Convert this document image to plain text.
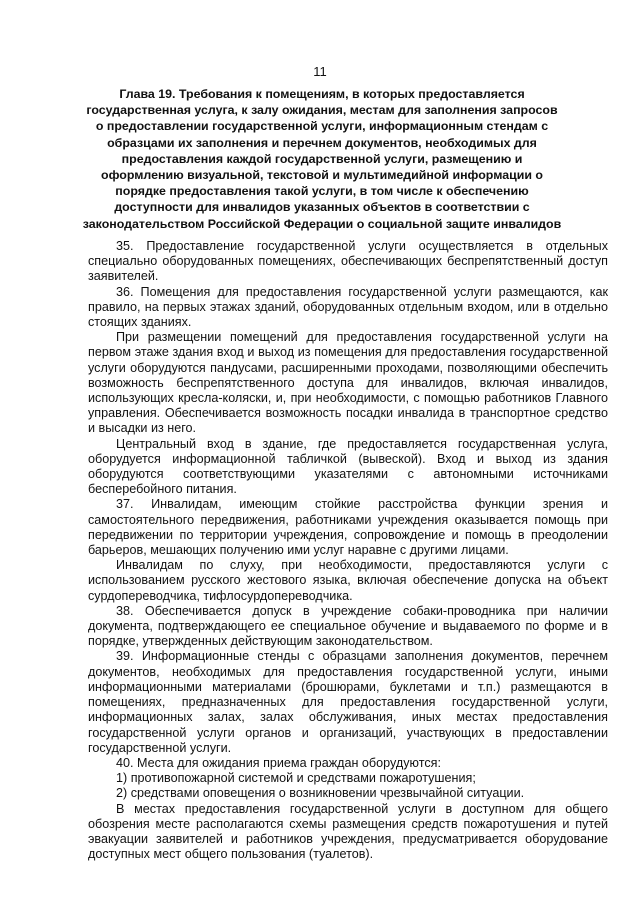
11
Глава 19. Требования к помещениям, в которых предоставляется государственная услуга, к залу ожидания, местам для заполнения запросов о предоставлении государственной услуги, информационным стендам с образцами их заполнения и перечнем документов, необходимых для предоставления каждой государственной услуги, размещению и оформлению визуальной, текстовой и мультимедийной информации о порядке предоставления такой услуги, в том числе к обеспечению доступности для инвалидов указанных объектов в соответствии с законодательством Российской Федерации о социальной защите инвалидов

35. Предоставление государственной услуги осуществляется в отдельных специально оборудованных помещениях, обеспечивающих беспрепятственный доступ заявителей.

36. Помещения для предоставления государственной услуги размещаются, как правило, на первых этажах зданий, оборудованных отдельным входом, или в отдельно стоящих зданиях.

При размещении помещений для предоставления государственной услуги на первом этаже здания вход и выход из помещения для предоставления государственной услуги оборудуются пандусами, расширенными проходами, позволяющими обеспечить возможность беспрепятственного доступа для инвалидов, включая инвалидов, использующих кресла-коляски, и, при необходимости, с помощью работников Главного управления. Обеспечивается возможность посадки инвалида в транспортное средство и высадки из него.

Центральный вход в здание, где предоставляется государственная услуга, оборудуется информационной табличкой (вывеской). Вход и выход из здания оборудуются соответствующими указателями с автономными источниками бесперебойного питания.

37. Инвалидам, имеющим стойкие расстройства функции зрения и самостоятельного передвижения, работниками учреждения оказывается помощь при передвижении по территории учреждения, сопровождение и помощь в преодолении барьеров, мешающих получению ими услуг наравне с другими лицами.

Инвалидам по слуху, при необходимости, предоставляются услуги с использованием русского жестового языка, включая обеспечение допуска на объект сурдопереводчика, тифлосурдопереводчика.

38. Обеспечивается допуск в учреждение собаки-проводника при наличии документа, подтверждающего ее специальное обучение и выдаваемого по форме и в порядке, утвержденных действующим законодательством.

39. Информационные стенды с образцами заполнения документов, перечнем документов, необходимых для предоставления государственной услуги, иными информационными материалами (брошюрами, буклетами и т.п.) размещаются в помещениях, предназначенных для предоставления государственной услуги, информационных залах, залах обслуживания, иных местах предоставления государственной услуги органов и организаций, участвующих в предоставлении государственной услуги.

40. Места для ожидания приема граждан оборудуются:

1) противопожарной системой и средствами пожаротушения;

2) средствами оповещения о возникновении чрезвычайной ситуации.

В местах предоставления государственной услуги в доступном для общего обозрения месте располагаются схемы размещения средств пожаротушения и путей эвакуации заявителей и работников учреждения, предусматривается оборудование доступных мест общего пользования (туалетов).
